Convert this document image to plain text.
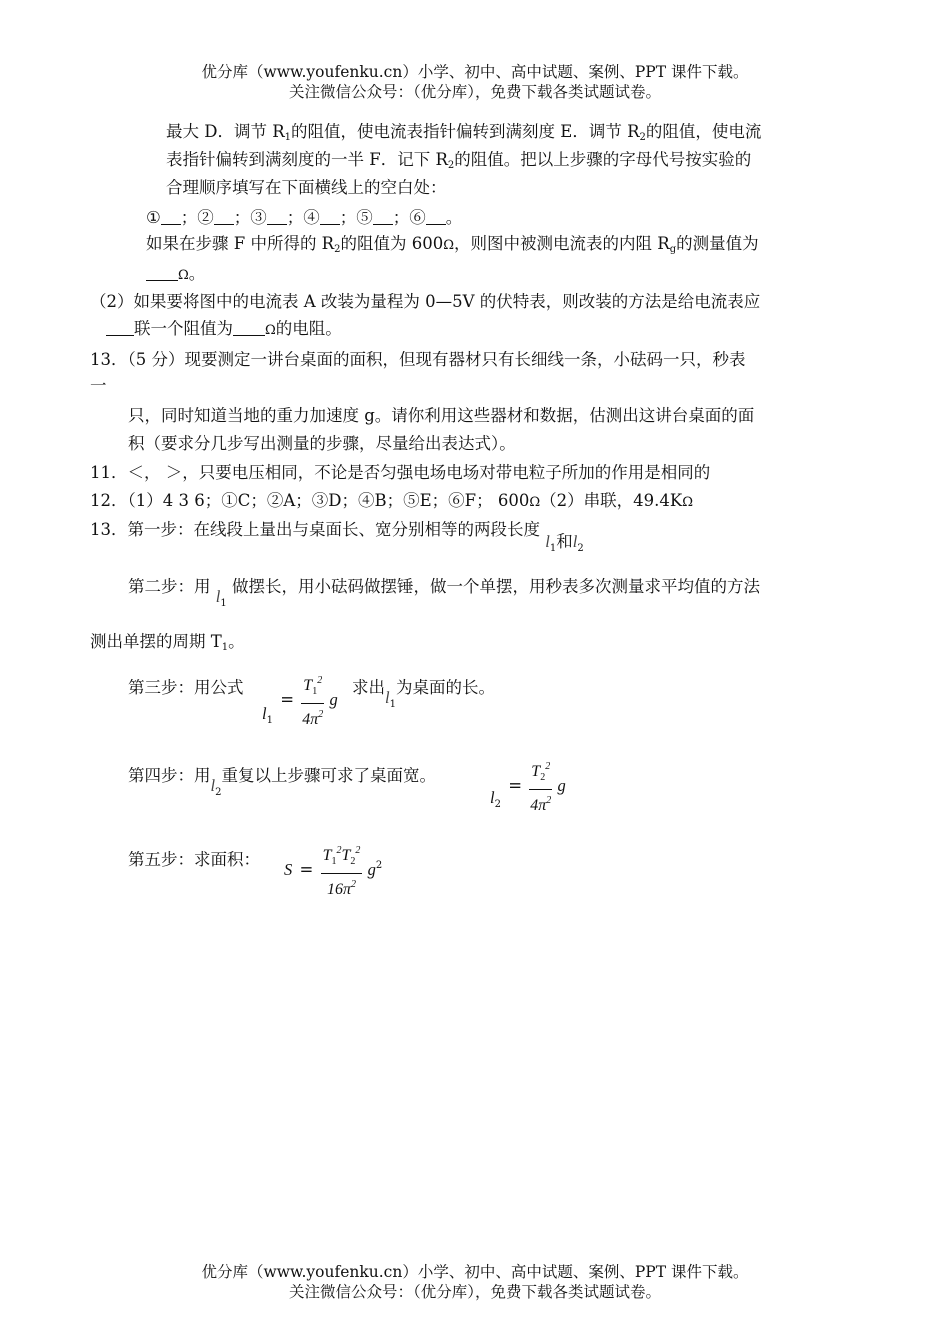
优分库（www.youfenku.cn）小学、初中、高中试题、案例、PPT 课件下载。
关注微信公众号：（优分库），免费下载各类试题试卷。
最大 D．调节 $R_1$的阻值，使电流表指针偏转到满刻度 E．调节 $R_2$的阻值，使电流
表指针偏转到满刻度的一半 F．记下 $R_2$的阻值。把以上步骤的字母代号按实验的
合理顺序填写在下面横线上的空白处：
① ；② ；③ ；④ ；⑤ ；⑥ 。
如果在步骤 F 中所得的 $R_2$的阻值为 600Ω，则图中被测电流表的内阻 $R_g$的测量值为
Ω。
（2）如果要将图中的电流表 A 改装为量程为 0—5V 的伏特表，则改装的方法是给电流表应
联一个阻值为 Ω的电阻。
13．（5 分）现要测定一讲台桌面的面积，但现有器材只有长细线一条，小砝码一只，秒表
一
只，同时知道当地的重力加速度 g。请你利用这些器材和数据，估测出这讲台桌面的面
积（要求分几步写出测量的步骤，尽量给出表达式）。
11．＜， ＞，只要电压相同，不论是否匀强电场电场对带电粒子所加的作用是相同的
12．（1）4 3 6；①C；②A；③D；④B；⑤E；⑥F； 600Ω（2）串联，49.4KΩ
13．第一步：在线段上量出与桌面长、宽分别相等的两段长度 $l_1$和$l_2$
第二步：用 $l_1$ 做摆长，用小砝码做摆锤，做一个单摆，用秒表多次测量求平均值的方法
测出单摆的周期 $T_1$。
第三步：用公式
$l_1 = \frac{T_1^2}{4\pi^2}$ g
求出$l_1$为桌面的长。
第四步：用$l_2$重复以上步骤可求了桌面宽。
$l_2 = \frac{T_2^2}{4\pi^2}$ g
第五步：求面积：
$S = \frac{T_1^2T_2^2}{16\pi^2} g^2$
优分库（www.youfenku.cn）小学、初中、高中试题、案例、PPT 课件下载。
关注微信公众号：（优分库），免费下载各类试题试卷。
